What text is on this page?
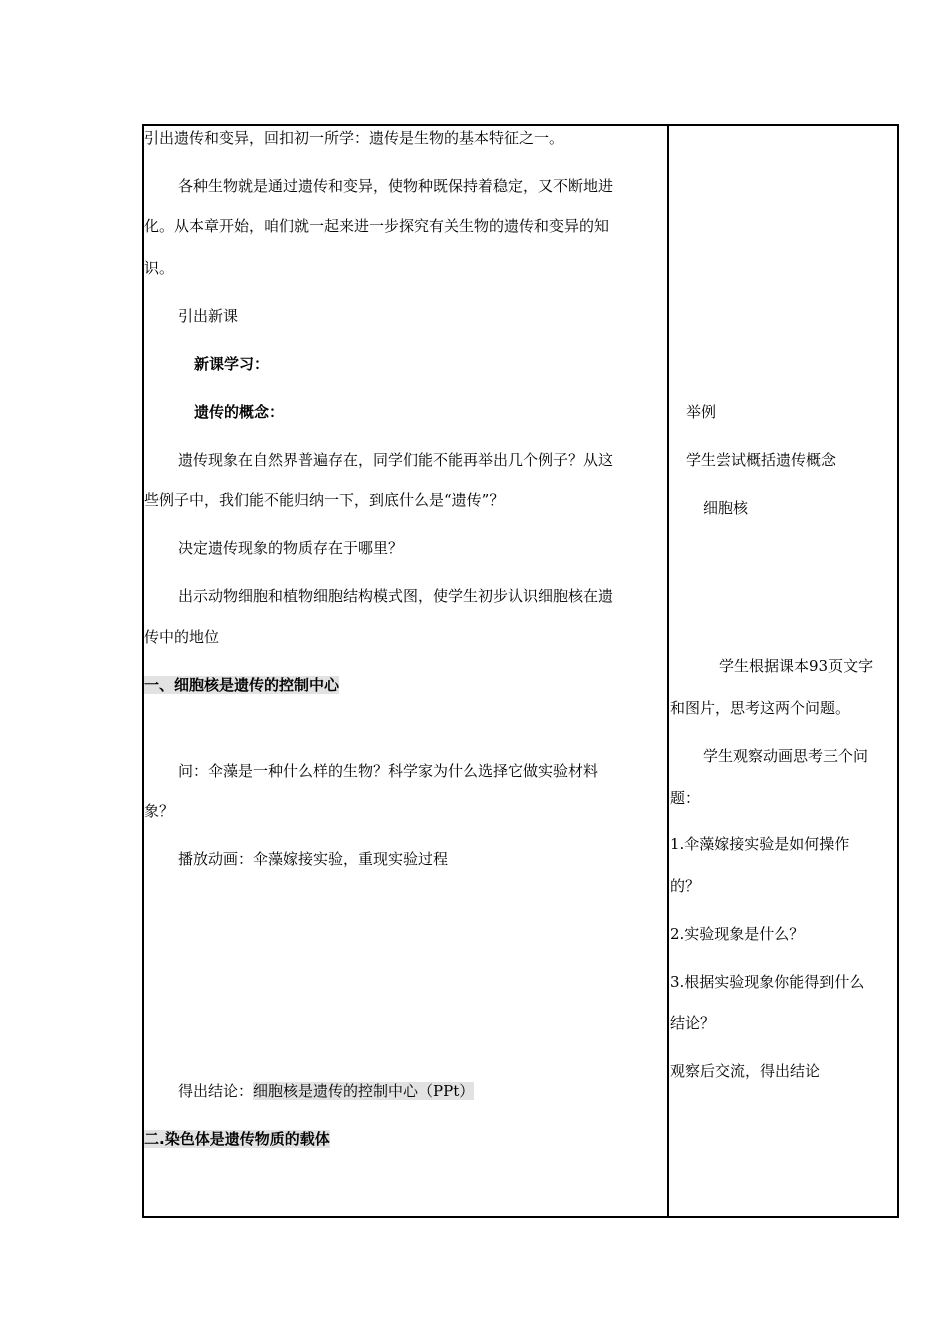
引出遗传和变异，回扣初一所学：遗传是生物的基本特征之一。
各种生物就是通过遗传和变异，使物种既保持着稳定，又不断地进
化。从本章开始，咱们就一起来进一步探究有关生物的遗传和变异的知
识。
引出新课
新课学习：
遗传的概念：
遗传现象在自然界普遍存在，同学们能不能再举出几个例子？从这
些例子中，我们能不能归纳一下，到底什么是“遗传”？
决定遗传现象的物质存在于哪里？
出示动物细胞和植物细胞结构模式图，使学生初步认识细胞核在遗
传中的地位
一、细胞核是遗传的控制中心
问：伞藻是一种什么样的生物？科学家为什么选择它做实验材料
象？
播放动画：伞藻嫁接实验，重现实验过程
得出结论：细胞核是遗传的控制中心（PPt）
二.染色体是遗传物质的载体
举例
学生尝试概括遗传概念
细胞核
学生根据课本93页文字
和图片，思考这两个问题。
学生观察动画思考三个问
题：
1.伞藻嫁接实验是如何操作
的？
2.实验现象是什么？
3.根据实验现象你能得到什么
结论？
观察后交流，得出结论
